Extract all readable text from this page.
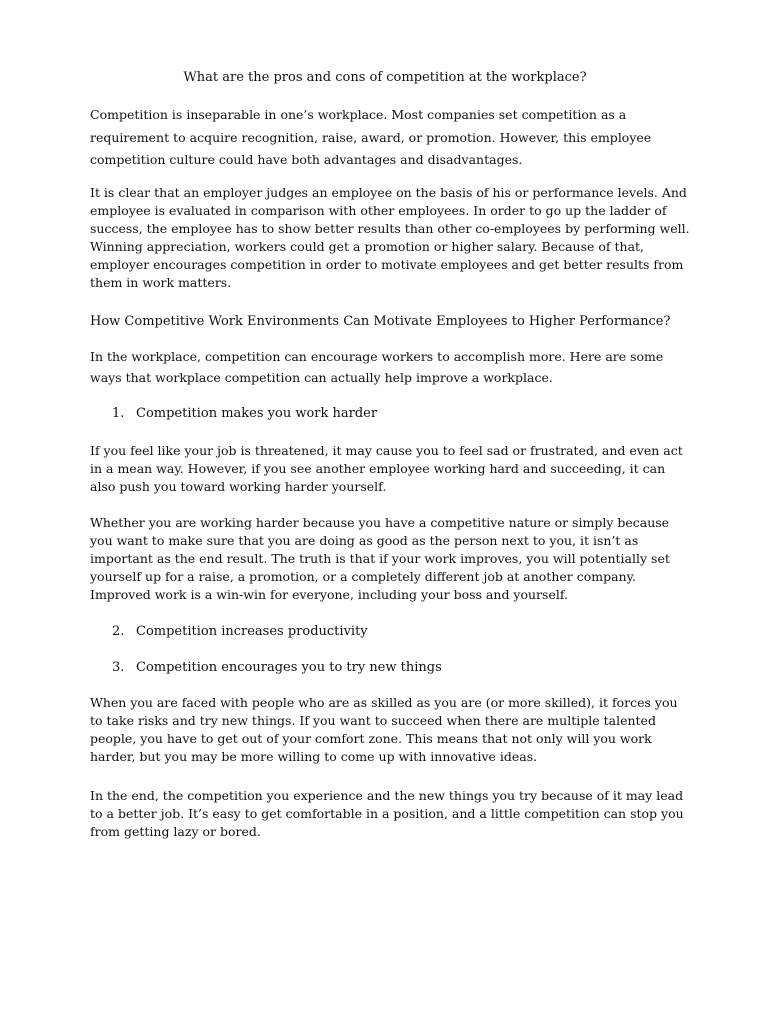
What are the pros and cons of competition at the workplace?

Competition is inseparable in one’s workplace. Most companies set competition as a requirement to acquire recognition, raise, award, or promotion. However, this employee competition culture could have both advantages and disadvantages.

It is clear that an employer judges an employee on the basis of his or performance levels. And employee is evaluated in comparison with other employees. In order to go up the ladder of success, the employee has to show better results than other co-employees by performing well. Winning appreciation, workers could get a promotion or higher salary. Because of that, employer encourages competition in order to motivate employees and get better results from them in work matters.

How Competitive Work Environments Can Motivate Employees to Higher Performance?

In the workplace, competition can encourage workers to accomplish more. Here are some ways that workplace competition can actually help improve a workplace.

1. Competition makes you work harder

If you feel like your job is threatened, it may cause you to feel sad or frustrated, and even act in a mean way. However, if you see another employee working hard and succeeding, it can also push you toward working harder yourself.

Whether you are working harder because you have a competitive nature or simply because you want to make sure that you are doing as good as the person next to you, it isn’t as important as the end result. The truth is that if your work improves, you will potentially set yourself up for a raise, a promotion, or a completely different job at another company. Improved work is a win-win for everyone, including your boss and yourself.

2. Competition increases productivity
3. Competition encourages you to try new things

When you are faced with people who are as skilled as you are (or more skilled), it forces you to take risks and try new things. If you want to succeed when there are multiple talented people, you have to get out of your comfort zone. This means that not only will you work harder, but you may be more willing to come up with innovative ideas.

In the end, the competition you experience and the new things you try because of it may lead to a better job. It’s easy to get comfortable in a position, and a little competition can stop you from getting lazy or bored.
